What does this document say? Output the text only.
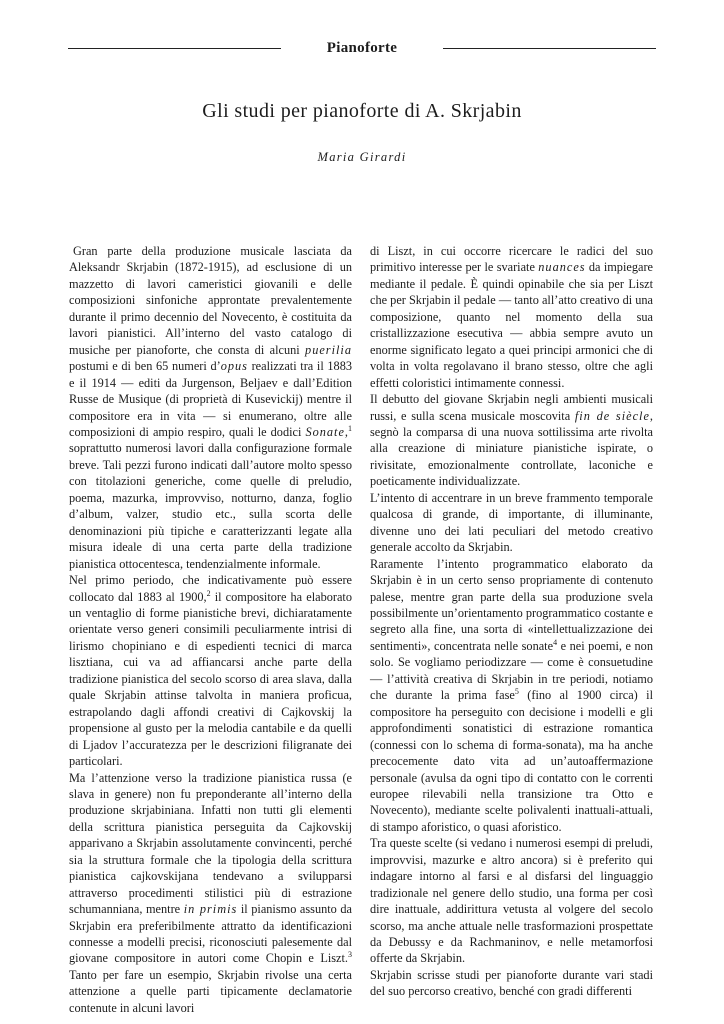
Pianoforte
Gli studi per pianoforte di A. Skrjabin
Maria Girardi

Gran parte della produzione musicale lasciata da Aleksandr Skrjabin (1872-1915), ad esclusione di un mazzetto di lavori cameristici giovanili e delle composizioni sinfoniche approntate prevalentemente durante il primo decennio del Novecento, è costituita da lavori pianistici. All’interno del vasto catalogo di musiche per pianoforte, che consta di alcuni puerilia postumi e di ben 65 numeri d’opus realizzati tra il 1883 e il 1914 — editi da Jurgenson, Beljaev e dall’Edition Russe de Musique (di proprietà di Kusevickij) mentre il compositore era in vita — si enumerano, oltre alle composizioni di ampio respiro, quali le dodici Sonate,$^1$ soprattutto numerosi lavori dalla configurazione formale breve. Tali pezzi furono indicati dall’autore molto spesso con titolazioni generiche, come quelle di preludio, poema, mazurka, improvviso, notturno, danza, foglio d’album, valzer, studio etc., sulla scorta delle denominazioni più tipiche e caratterizzanti legate alla misura ideale di una certa parte della tradizione pianistica ottocentesca, tendenzialmente informale.

Nel primo periodo, che indicativamente può essere collocato dal 1883 al 1900,$^2$ il compositore ha elaborato un ventaglio di forme pianistiche brevi, dichiaratamente orientate verso generi consimili peculiarmente intrisi di lirismo chopiniano e di espedienti tecnici di marca lisztiana, cui va ad affiancarsi anche parte della tradizione pianistica del secolo scorso di area slava, dalla quale Skrjabin attinse talvolta in maniera proficua, estrapolando dagli affondi creativi di Cajkovskij la propensione al gusto per la melodia cantabile e da quelli di Ljadov l’accuratezza per le descrizioni filigranate dei particolari.

Ma l’attenzione verso la tradizione pianistica russa (e slava in genere) non fu preponderante all’interno della produzione skrjabiniana. Infatti non tutti gli elementi della scrittura pianistica perseguita da Cajkovskij apparivano a Skrjabin assolutamente convincenti, perché sia la struttura formale che la tipologia della scrittura pianistica cajkovskijana tendevano a svilupparsi attraverso procedimenti stilistici più di estrazione schumanniana, mentre in primis il pianismo assunto da Skrjabin era preferibilmente attratto da identificazioni connesse a modelli precisi, riconosciuti palesemente dal giovane compositore in autori come Chopin e Liszt.$^3$ Tanto per fare un esempio, Skrjabin rivolse una certa attenzione a quelle parti tipicamente declamatorie contenute in alcuni lavori

di Liszt, in cui occorre ricercare le radici del suo primitivo interesse per le svariate nuances da impiegare mediante il pedale. È quindi opinabile che sia per Liszt che per Skrjabin il pedale — tanto all’atto creativo di una composizione, quanto nel momento della sua cristallizzazione esecutiva — abbia sempre avuto un enorme significato legato a quei principi armonici che di volta in volta regolavano il brano stesso, oltre che agli effetti coloristici intimamente connessi.

Il debutto del giovane Skrjabin negli ambienti musicali russi, e sulla scena musicale moscovita fin de siècle, segnò la comparsa di una nuova sottilissima arte rivolta alla creazione di miniature pianistiche ispirate, o rivisitate, emozionalmente controllate, laconiche e poeticamente individualizzate.

L’intento di accentrare in un breve frammento temporale qualcosa di grande, di importante, di illuminante, divenne uno dei lati peculiari del metodo creativo generale accolto da Skrjabin.

Raramente l’intento programmatico elaborato da Skrjabin è in un certo senso propriamente di contenuto palese, mentre gran parte della sua produzione svela possibilmente un’orientamento programmatico costante e segreto alla fine, una sorta di «intellettualizzazione dei sentimenti», concentrata nelle sonate$^4$ e nei poemi, e non solo. Se vogliamo periodizzare — come è consuetudine — l’attività creativa di Skrjabin in tre periodi, notiamo che durante la prima fase$^5$ (fino al 1900 circa) il compositore ha perseguito con decisione i modelli e gli approfondimenti sonatistici di estrazione romantica (connessi con lo schema di forma-sonata), ma ha anche precocemente dato vita ad un’autoaffermazione personale (avulsa da ogni tipo di contatto con le correnti europee rilevabili nella transizione tra Otto e Novecento), mediante scelte polivalenti inattuali-attuali, di stampo aforistico, o quasi aforistico.

Tra queste scelte (si vedano i numerosi esempi di preludi, improvvisi, mazurke e altro ancora) si è preferito qui indagare intorno al farsi e al disfarsi del linguaggio tradizionale nel genere dello studio, una forma per così dire inattuale, addirittura vetusta al volgere del secolo scorso, ma anche attuale nelle trasformazioni prospettate da Debussy e da Rachmaninov, e nelle metamorfosi offerte da Skrjabin.

Skrjabin scrisse studi per pianoforte durante vari stadi del suo percorso creativo, benché con gradi differenti
